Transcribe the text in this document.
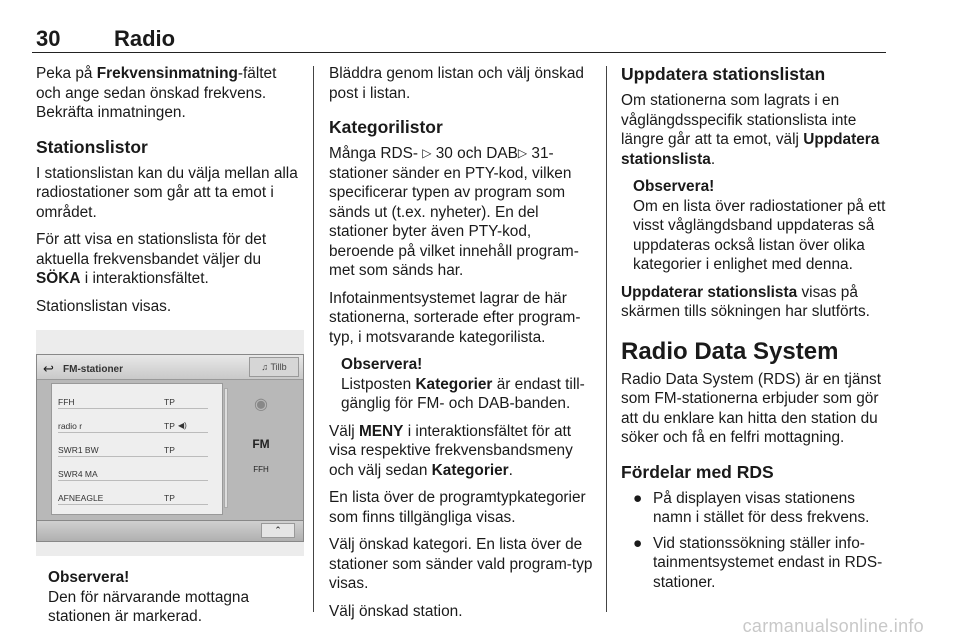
30 Radio

Peka på Frekvensinmatning-fältet och ange sedan önskad frekvens. Bekräfta inmatningen.

Stationslistor

I stationslistan kan du välja mellan alla radiostationer som går att ta emot i området.

För att visa en stationslista för det aktuella frekvensbandet väljer du SÖKA i interaktionsfältet.

Stationslistan visas.

↩ FM-stationer	♫ Tillb
FFH	TP
radio r	TP ◀)
SWR1 BW	TP
SWR4 MA
AFNEAGLE	TP
◉
FM
FFH
⌃
Observera!
Den för närvarande mottagna stationen är markerad.

Bläddra genom listan och välj önskad post i listan.

Kategorilistor

Många RDS- ▷ 30 och DAB▷ 31-stationer sänder en PTY-kod, vilken specificerar typen av program som sänds ut (t.ex. nyheter). En del stationer byter även PTY-kod, beroende på vilket innehåll program-met som sänds har.

Infotainmentsystemet lagrar de här stationerna, sorterade efter program-typ, i motsvarande kategorilista.

Observera!
Listposten Kategorier är endast till-gänglig för FM- och DAB-banden.

Välj MENY i interaktionsfältet för att visa respektive frekvensbandsmeny och välj sedan Kategorier.

En lista över de programtypkategorier som finns tillgängliga visas.

Välj önskad kategori. En lista över de stationer som sänder vald program-typ visas.

Välj önskad station.

Uppdatera stationslistan

Om stationerna som lagrats i en våglängdsspecifik stationslista inte längre går att ta emot, välj Uppdatera stationslista.

Observera!
Om en lista över radiostationer på ett visst våglängdsband uppdateras så uppdateras också listan över olika kategorier i enlighet med denna.

Uppdaterar stationslista visas på skärmen tills sökningen har slutförts.

Radio Data System

Radio Data System (RDS) är en tjänst som FM-stationerna erbjuder som gör att du enklare kan hitta den station du söker och få en felfri mottagning.

Fördelar med RDS
● På displayen visas stationens namn i stället för dess frekvens.
● Vid stationssökning ställer info-tainmentsystemet endast in RDS-stationer.
carmanualsonline.info
